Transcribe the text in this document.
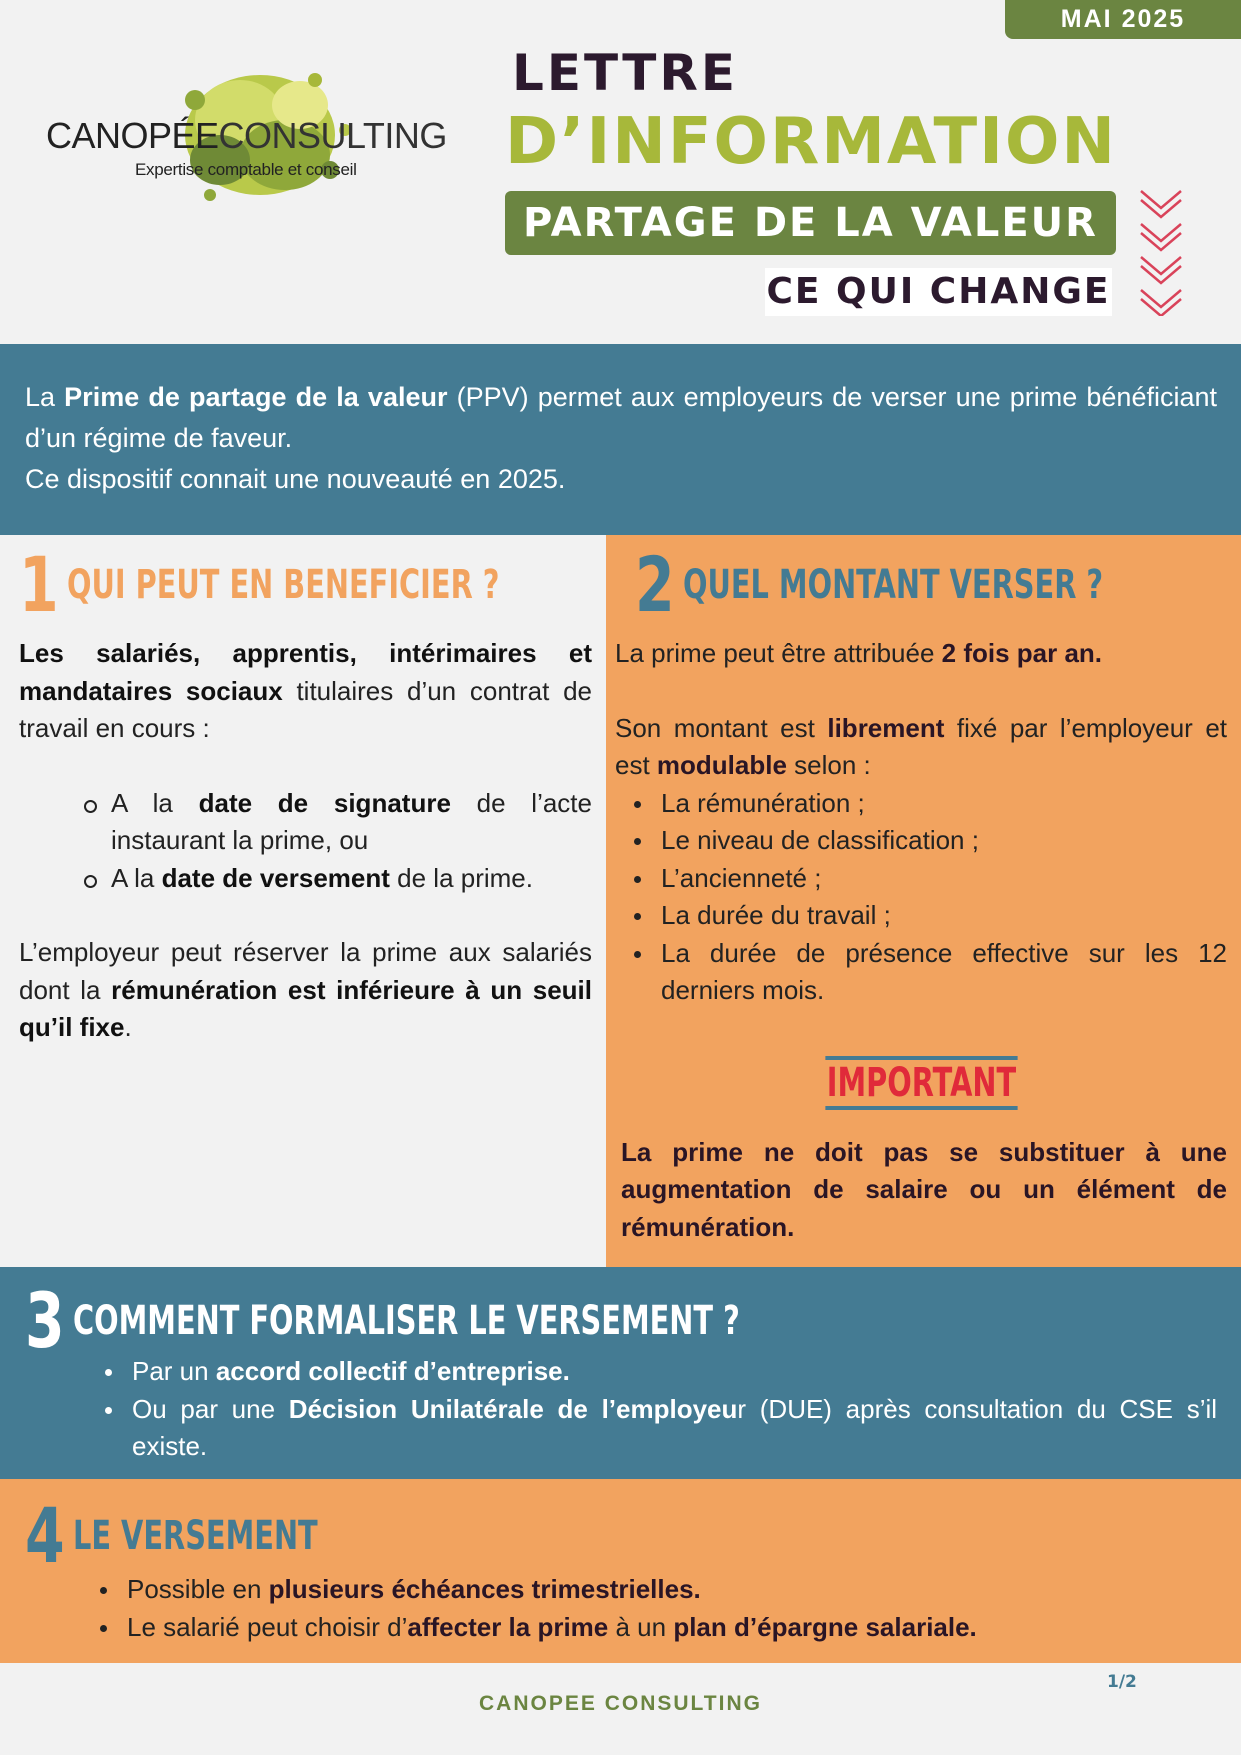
MAI 2025
CANOPÉECONSULTING
Expertise comptable et conseil
LETTRE
D’INFORMATION
PARTAGE DE LA VALEUR
CE QUI CHANGE

La Prime de partage de la valeur (PPV) permet aux employeurs de verser une prime bénéficiant d’un régime de faveur.

Ce dispositif connait une nouveauté en 2025.

1 QUI PEUT EN BENEFICIER ?

Les salariés, apprentis, intérimaires et mandataires sociaux titulaires d’un contrat de travail en cours :

A la date de signature de l’acte instaurant la prime, ou
A la date de versement de la prime.

L’employeur peut réserver la prime aux salariés dont la rémunération est inférieure à un seuil qu’il fixe.

2 QUEL MONTANT VERSER ?

La prime peut être attribuée 2 fois par an.

Son montant est librement fixé par l’employeur et est modulable selon :

La rémunération ;
Le niveau de classification ;
L’ancienneté ;
La durée du travail ;
La durée de présence effective sur les 12 derniers mois.
IMPORTANT

La prime ne doit pas se substituer à une augmentation de salaire ou un élément de rémunération.

3 COMMENT FORMALISER LE VERSEMENT ?
Par un accord collectif d’entreprise.
Ou par une Décision Unilatérale de l’employeur (DUE) après consultation du CSE s’il existe.
4 LE VERSEMENT
Possible en plusieurs échéances trimestrielles.
Le salarié peut choisir d’affecter la prime à un plan d’épargne salariale.
1/2
CANOPEE CONSULTING
